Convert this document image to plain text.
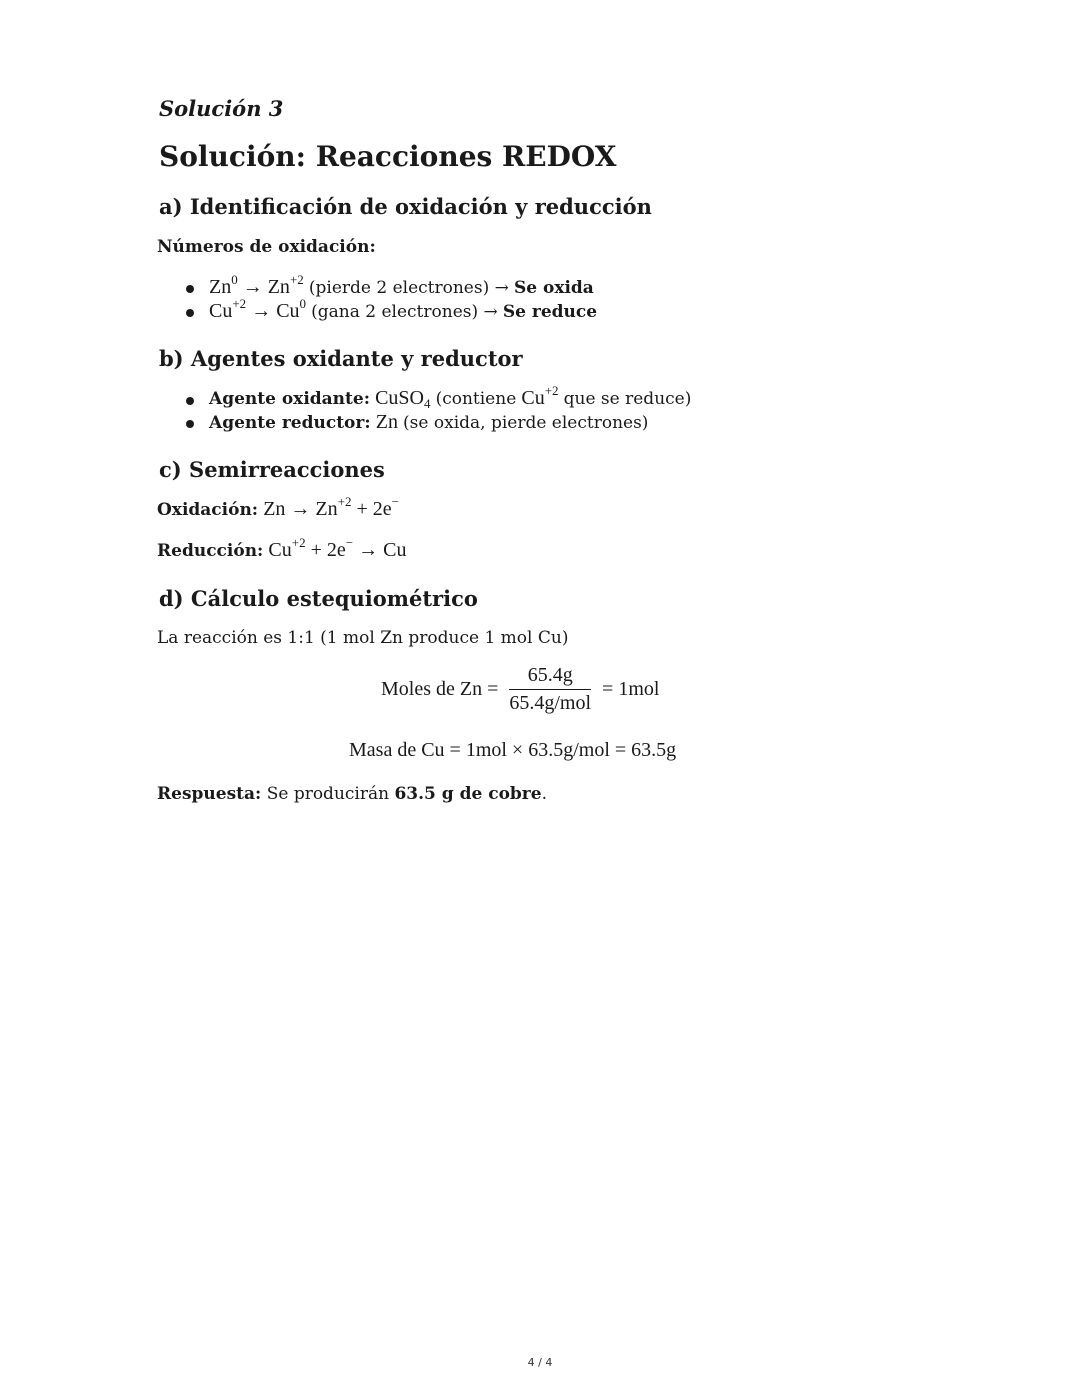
Solución 3
Solución: Reacciones REDOX
a) Identificación de oxidación y reducción
Números de oxidación:
$Zn^0 \to Zn^{+2}$ (pierde 2 electrones) → Se oxida
$Cu^{+2} \to Cu^0$ (gana 2 electrones) → Se reduce
b) Agentes oxidante y reductor
Agente oxidante: CuSO$_4$ (contiene $Cu^{+2}$ que se reduce)
Agente reductor: Zn (se oxida, pierde electrones)
c) Semirreacciones
Oxidación: $Zn \to Zn^{+2} + 2e^-$
Reducción: $Cu^{+2} + 2e^- \to Cu$
d) Cálculo estequiométrico
La reacción es 1:1 (1 mol Zn produce 1 mol Cu)
Moles de $Zn = \frac{65.4g}{\text{65.4g/mol}} = 1mol$
Masa de Cu = 1mol × 63.5g/mol = 63.5g
Respuesta: Se producirán 63.5 g de cobre.
4 / 4
